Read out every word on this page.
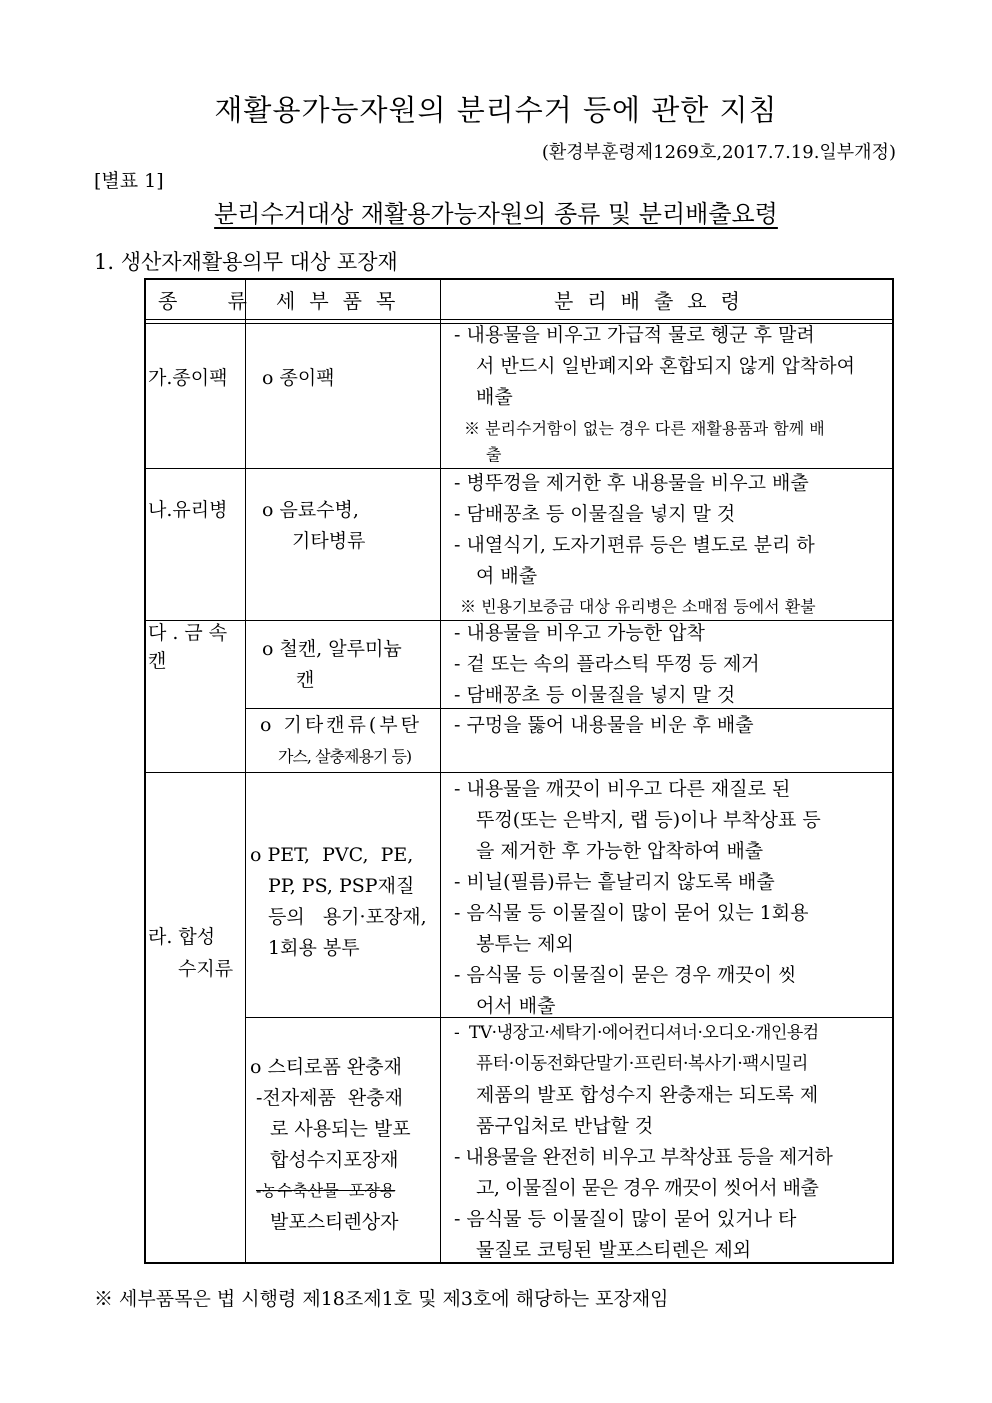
재활용가능자원의 분리수거 등에 관한 지침
(환경부훈령제1269호,2017.7.19.일부개정)
[별표 1]
분리수거대상 재활용가능자원의 종류 및 분리배출요령
1. 생산자재활용의무 대상 포장재
종 류 세부품목	분리배출요령
가.종이팩 o 종이팩
- 내용물을 비우고 가급적 물로 헹군 후 말려
서 반드시 일반폐지와 혼합되지 않게 압착하여
배출
※ 분리수거함이 없는 경우 다른 재활용품과 함께 배
출
나.유리병 o 음료수병,
기타병류
- 병뚜껑을 제거한 후 내용물을 비우고 배출
- 담배꽁초 등 이물질을 넣지 말 것
- 내열식기, 도자기편류 등은 별도로 분리 하
여 배출
※ 빈용기보증금 대상 유리병은 소매점 등에서 환불
다.금속
캔
o 철캔, 알루미늄
캔
- 내용물을 비우고 가능한 압착
- 겉 또는 속의 플라스틱 뚜껑 등 제거
- 담배꽁초 등 이물질을 넣지 말 것
o 기타캔류(부탄
가스, 살충제용기 등)
- 구멍을 뚫어 내용물을 비운 후 배출
라. 합성
수지류
o PET,  PVC,  PE,
PP, PS, PSP재질
등의   용기·포장재,
1회용 봉투
- 내용물을 깨끗이 비우고 다른 재질로 된
뚜껑(또는 은박지, 랩 등)이나 부착상표 등
을 제거한 후 가능한 압착하여 배출
- 비닐(필름)류는 흩날리지 않도록 배출
- 음식물 등 이물질이 많이 묻어 있는 1회용
봉투는 제외
- 음식물 등 이물질이 묻은 경우 깨끗이 씻
어서 배출
o 스티로폼 완충재
-전자제품  완충재
로 사용되는 발포
합성수지포장재
-농수축산물  포장용
발포스티렌상자
-  TV·냉장고·세탁기·에어컨디셔너·오디오·개인용컴
퓨터·이동전화단말기·프린터·복사기·팩시밀리
제품의 발포 합성수지 완충재는 되도록 제
품구입처로 반납할 것
- 내용물을 완전히 비우고 부착상표 등을 제거하
고, 이물질이 묻은 경우 깨끗이 씻어서 배출
- 음식물 등 이물질이 많이 묻어 있거나 타
물질로 코팅된 발포스티렌은 제외
※ 세부품목은 법 시행령 제18조제1호 및 제3호에 해당하는 포장재임
